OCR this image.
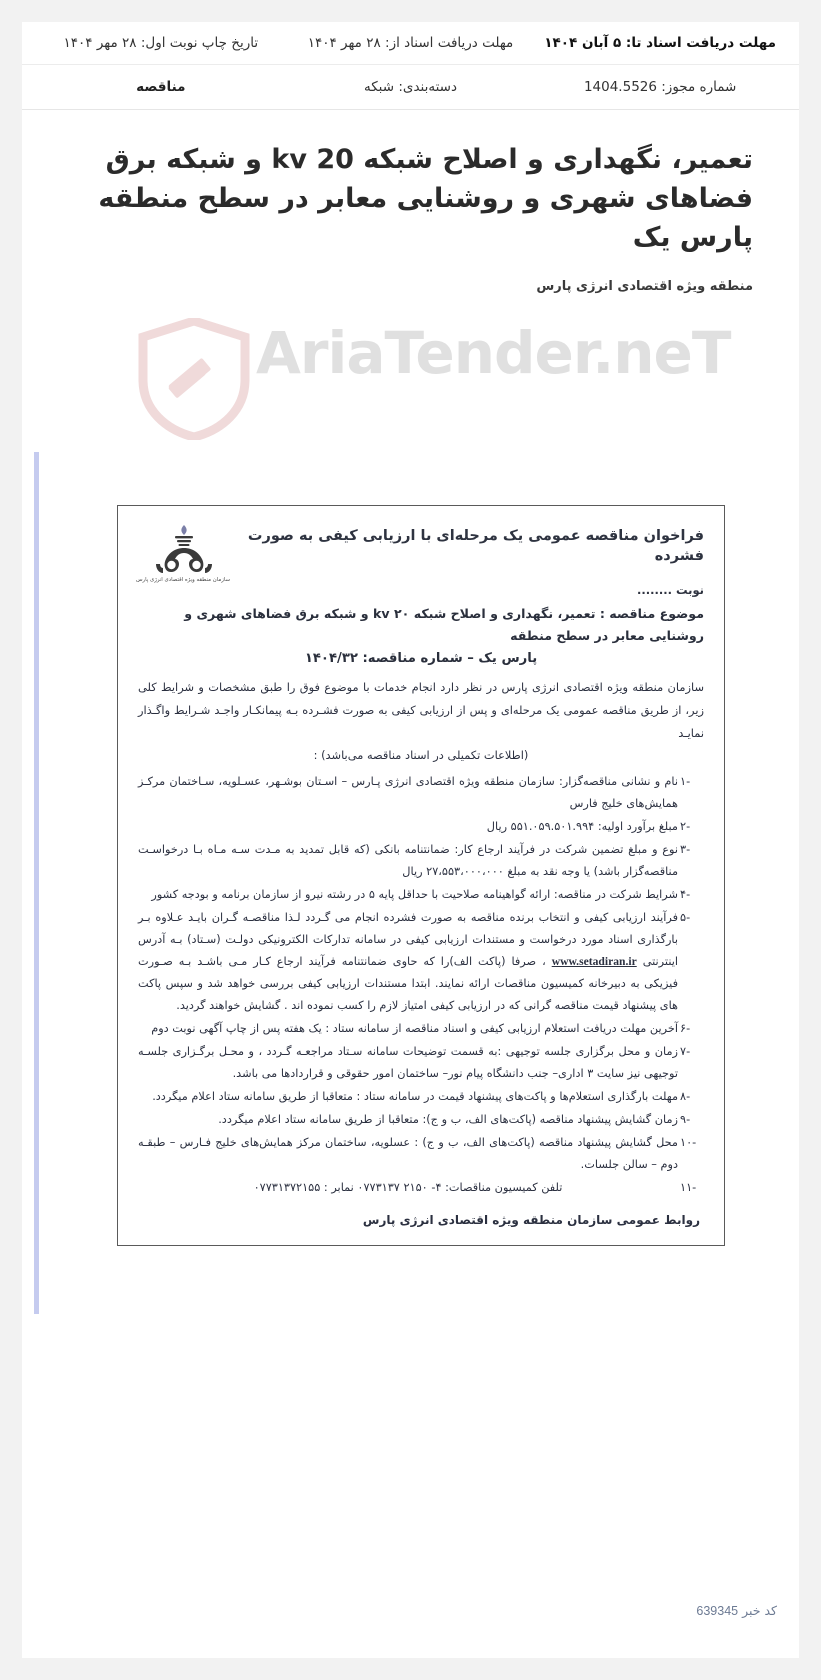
مهلت دریافت اسناد تا: ۵ آبان ۱۴۰۴
مهلت دریافت اسناد از: ۲۸ مهر ۱۴۰۴
تاریخ چاپ نوبت اول: ۲۸ مهر ۱۴۰۴
شماره مجوز: 1404.5526
دسته‌بندی: شبکه
مناقصه
تعمیر، نگهداری و اصلاح شبکه kv 20 و شبکه برق فضاهای شهری و روشنایی معابر در سطح منطقه پارس یک
منطقه ویژه اقتصادی انرژی پارس
AriaTender.neT
فراخوان مناقصه عمومی یک مرحله‌ای با ارزیابی کیفی به صورت فشرده
نوبت ........
سازمان منطقه ویژه اقتصادی انرژی پارس
موضوع مناقصه : تعمیر، نگهداری و اصلاح شبکه ٢٠ kv و شبکه برق فضاهای شهری و روشنایی معابر در سطح منطقه
پارس یک – شماره مناقصه: ۱۴۰۴/۳۲
سازمان منطقه ویژه اقتصادی انرژی پارس در نظر دارد انجام خدمات با موضوع فوق را طبق مشخصات و شرایط کلی زیر، از طریق مناقصه عمومی یک مرحله‌ای و پس از ارزیابی کیفی به صورت فشـرده بـه پیمانکـار واجـد شـرایط واگـذار نمایـد
(اطلاعات تکمیلی در اسناد مناقصه می‌باشد) :
۱-
نام و نشانی مناقصه‌گزار: سازمان منطقه ویژه اقتصادی انرژی پـارس – اسـتان بوشـهر، عسـلویه، سـاختمان مرکـز همایش‌های خلیج فارس
۲-
مبلغ برآورد اولیه: ۵۵۱.۰۵۹.۵۰۱.۹۹۴ ریال
۳-
نوع و مبلغ تضمین شرکت در فرآیند ارجاع کار: ضمانتنامه بانکی (که قابل تمدید به مـدت سـه مـاه بـا درخواسـت مناقصه‌گزار باشد) یا وجه نقد به مبلغ ۲۷،۵۵۳،۰۰۰،۰۰۰ ریال
۴-
شرایط شرکت در مناقصه: ارائه گواهینامه صلاحیت با حداقل پایه ۵ در رشته نیرو از سازمان برنامه و بودجه کشور
۵-
فرآیند ارزیابی کیفی و انتخاب برنده مناقصه به صورت فشرده انجام می گـردد لـذا مناقصـه گـران بایـد عـلاوه بـر بارگذاری اسناد مورد درخواست و مستندات ارزیابی کیفی در سامانه تدارکات الکترونیکی دولـت (سـتاد) بـه آدرس اینترنتی www.setadiran.ir ، صرفا (پاکت الف)را که حاوی ضمانتنامه فرآیند ارجاع کـار مـی باشـد بـه صـورت فیزیکی به دبیرخانه کمیسیون مناقصات ارائه نمایند. ابتدا مستندات ارزیابی کیفی بررسی خواهد شد و سپس پاکت های پیشنهاد قیمت مناقصه گرانی که در ارزیابی کیفی امتیاز لازم را کسب نموده اند . گشایش خواهند گردید.
۶-
آخرین مهلت دریافت استعلام ارزیابی کیفی و اسناد مناقصه از سامانه ستاد : یک هفته پس از چاپ آگهی نوبت دوم
۷-
زمان و محل برگزاری جلسه توجیهی :به قسمت توضیحات سامانه سـتاد مراجعـه گـردد ، و محـل برگـزاری جلسـه توجیهی نیز سایت ۳ اداری– جنب دانشگاه پیام نور– ساختمان امور حقوقی و قراردادها می باشد.
۸-
مهلت بارگذاری استعلام‌ها و پاکت‌های پیشنهاد قیمت در سامانه ستاد : متعاقبا از طریق سامانه ستاد اعلام میگردد.
۹-
زمان گشایش پیشنهاد مناقصه (پاکت‌های الف، ب و ج): متعاقبا از طریق سامانه ستاد اعلام میگردد.
۱۰-
محل گشایش پیشنهاد مناقصه (پاکت‌های الف، ب و ج) : عسلویه، ساختمان مرکز همایش‌های خلیج فـارس – طبقـه دوم – سالن جلسات.
۱۱-
تلفن کمیسیون مناقصات: ۴- ۲۱۵۰ ۰۷۷۳۱۳۷ نمابر : ۰۷۷۳۱۳۷۲۱۵۵
روابط عمومی سازمان منطقه ویژه اقتصادی انرژی پارس
کد خبر 639345
